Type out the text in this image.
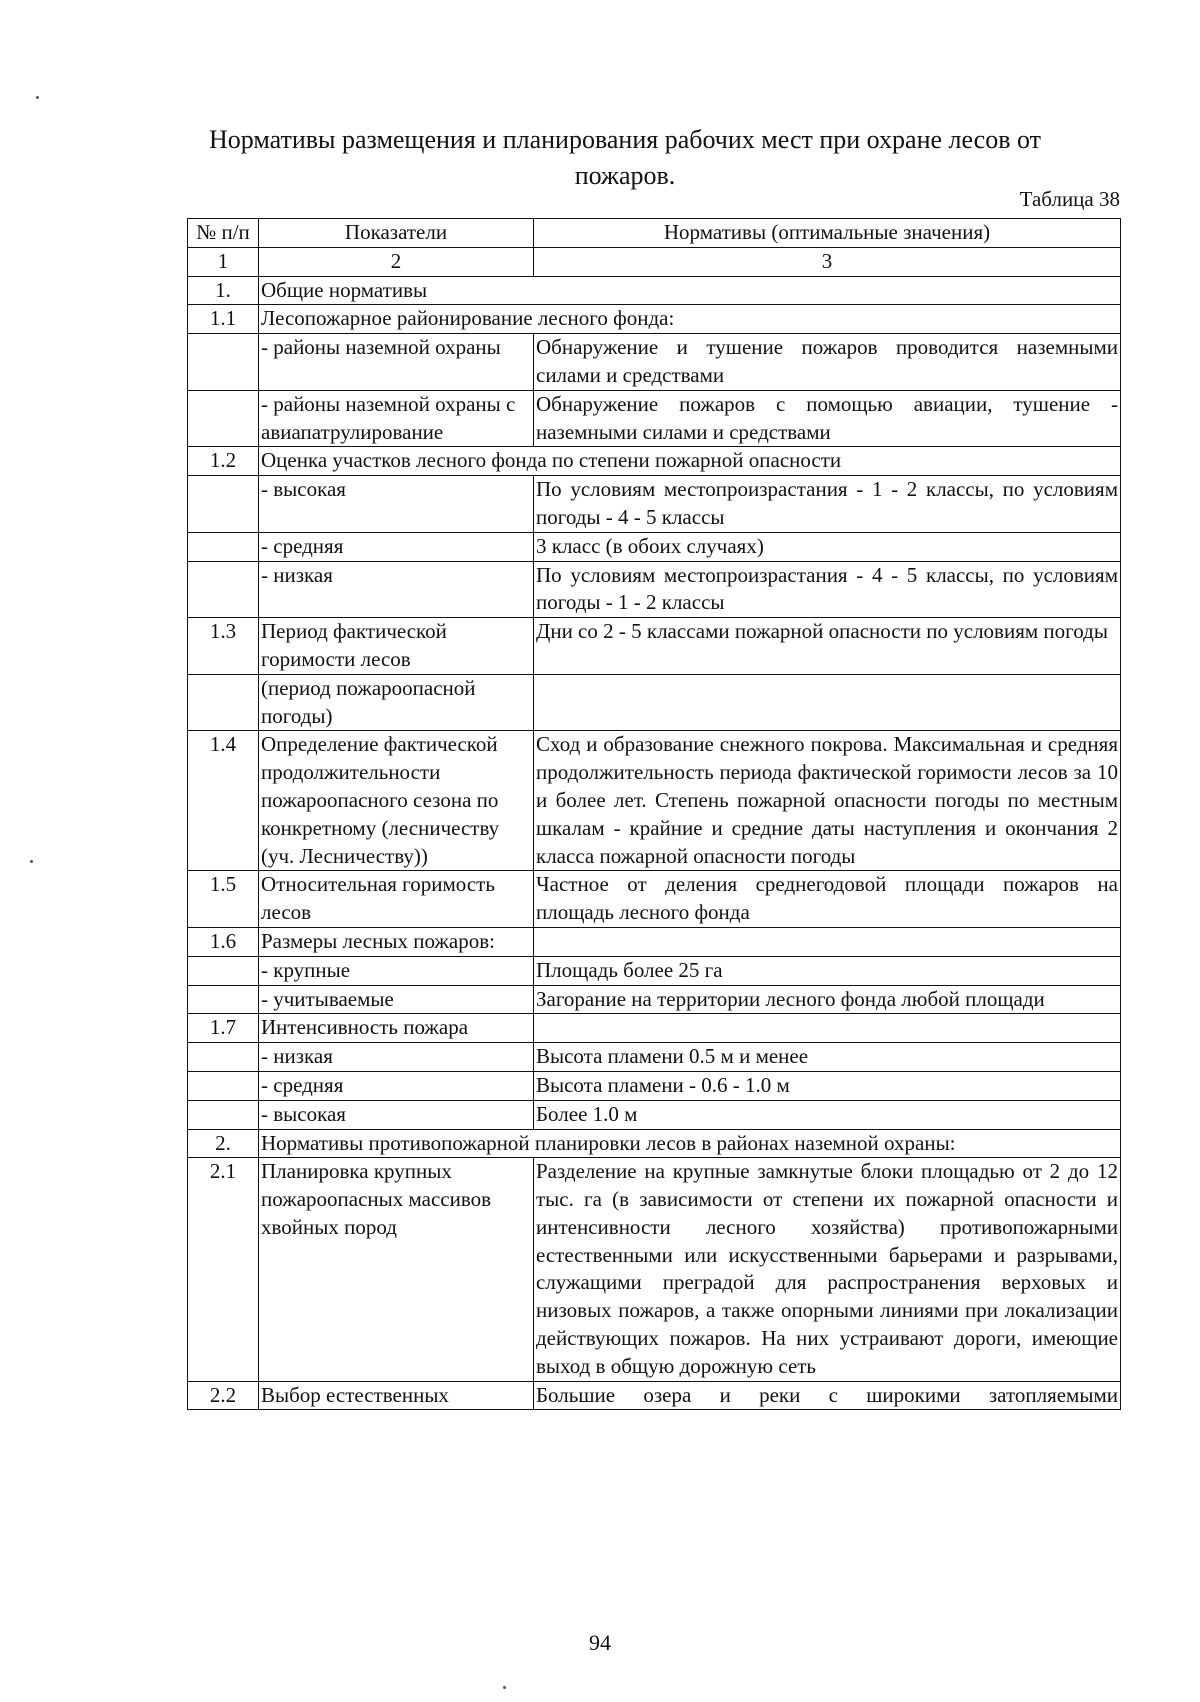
Нормативы размещения и планирования рабочих мест при охране лесов от
пожаров.
Таблица 38
№ п/п	Показатели	Нормативы (оптимальные значения)
1	2	3
1.	Общие нормативы	
1.1	Лесопожарное районирование лесного фонда:	
	- районы наземной охраны	Обнаружение и тушение пожаров проводится наземными силами и средствами
	- районы наземной охраны с авиапатрулирование	Обнаружение пожаров с помощью авиации, тушение - наземными силами и средствами
1.2	Оценка участков лесного фонда по степени пожарной опасности	
	- высокая	По условиям местопроизрастания - 1 - 2 классы, по условиям погоды - 4 - 5 классы
	- средняя	3 класс (в обоих случаях)
	- низкая	По условиям местопроизрастания - 4 - 5 классы, по условиям погоды - 1 - 2 классы
1.3	Период фактической горимости лесов	Дни со 2 - 5 классами пожарной опасности по условиям погоды
	(период пожароопасной погоды)	
1.4	Определение фактической продолжительности пожароопасного сезона по конкретному (лесничеству (уч. Лесничеству))	Сход и образование снежного покрова. Максимальная и средняя продолжительность периода фактической горимости лесов за 10 и более лет. Степень пожарной опасности погоды по местным шкалам - крайние и средние даты наступления и окончания 2 класса пожарной опасности погоды
1.5	Относительная горимость лесов	Частное от деления среднегодовой площади пожаров на площадь лесного фонда
1.6	Размеры лесных пожаров:	
	- крупные	Площадь более 25 га
	- учитываемые	Загорание на территории лесного фонда любой площади
1.7	Интенсивность пожара	
	- низкая	Высота пламени 0.5 м и менее
	- средняя	Высота пламени - 0.6 - 1.0 м
	- высокая	Более 1.0 м
2.	Нормативы противопожарной планировки лесов в районах наземной охраны:	
2.1	Планировка крупных пожароопасных массивов хвойных пород	Разделение на крупные замкнутые блоки площадью от 2 до 12 тыс. га (в зависимости от степени их пожарной опасности и интенсивности лесного хозяйства) противопожарными естественными или искусственными барьерами и разрывами, служащими преградой для распространения верховых и низовых пожаров, а также опорными линиями при локализации действующих пожаров. На них устраивают дороги, имеющие выход в общую дорожную сеть
2.2	Выбор естественных	Большие озера и реки с широкими затопляемыми
94
